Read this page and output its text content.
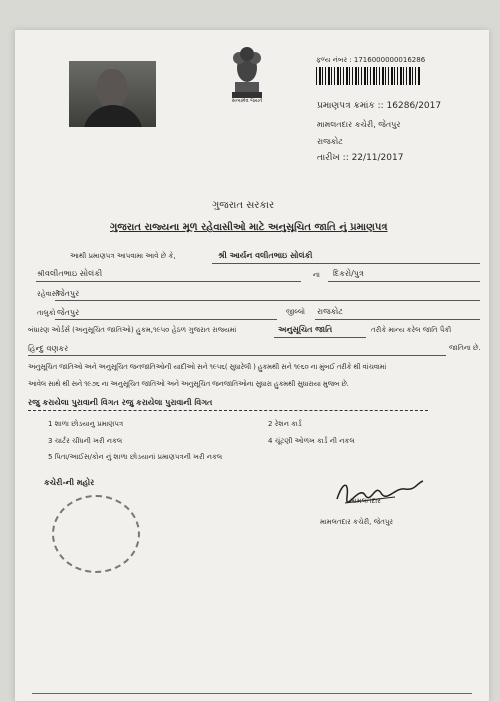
સત્યમેવ જયતે
ફળ્ય નંબર : 1716000000016286
પ્રમાણપત્ર ક્રમાંક :: 16286/2017
મામલતદાર કચેરી, જેતપુર
રાજકોટ
તારીખ :: 22/11/2017
ગુજરાત સરકાર
ગુજરાત રાજ્યના મૂળ રહેવાસીઓ માટે અનુસૂચિત જાતિ નું પ્રમાણપત્ર
આથી પ્રમાણપત્ર આપવામા આવે છે કે,	શ્રી આર્યન વલીતભાઇ સોલંકી
શ્રી વલીતભાઇ સોલંકી	ના દિકરો/પુત્ર
રહેવાસી
જેતપુર
તાલુકો જેતપુર	જીલ્લો રાજકોટ
બંધારણ ઓર્ડર્સ (અનુસૂચિત જાતિઓ) હુકમ,૧૯૫૦ હેઠળ ગુજરાત રાજ્યમાં	અનુસૂચિત જાતિ	તરીકે માન્ય કરેલ જાતિ પૈકી
હિન્દુ વણકર	જાતિના છે.
અનુસૂચિત જાતિઓ અને અનુસૂચિત જનજાતિઓની યાદીઓ સને ૧૯૫૬( સુધારેલી ) હુકમથી સને ૧૯૬૦ ના મુંબઈ તરીકે થી વાંચવામાં
આવેલ સાથે થી સને ૧૯૭૬ ના અનુસૂચિત જાતિઓ અને અનુસૂચિત જનજાતિઓના સુધારા હુકમથી સુધારાયા મુજબ છે.
રજુ કરાયેલા પુરાવાની વિગત રજુ કરાયેલા પુરાવાની વિગત
1 શાળા છોડયાનુ પ્રમાણપત્ર	2 રેશન કાર્ડ
3 ચાર્ટર ચીંધની ખરી નકલ	4 ચૂંટણી ઓળખ કાર્ડ ની નકલ
5 પિતા/આઈસ/કોન નું શાળા છોડયાનાં પ્રમાણપત્રની ખરી નકલ
કચેરી-ની મહોર
મામલતદાર
મામલતદાર કચેરી, જેતપુર
